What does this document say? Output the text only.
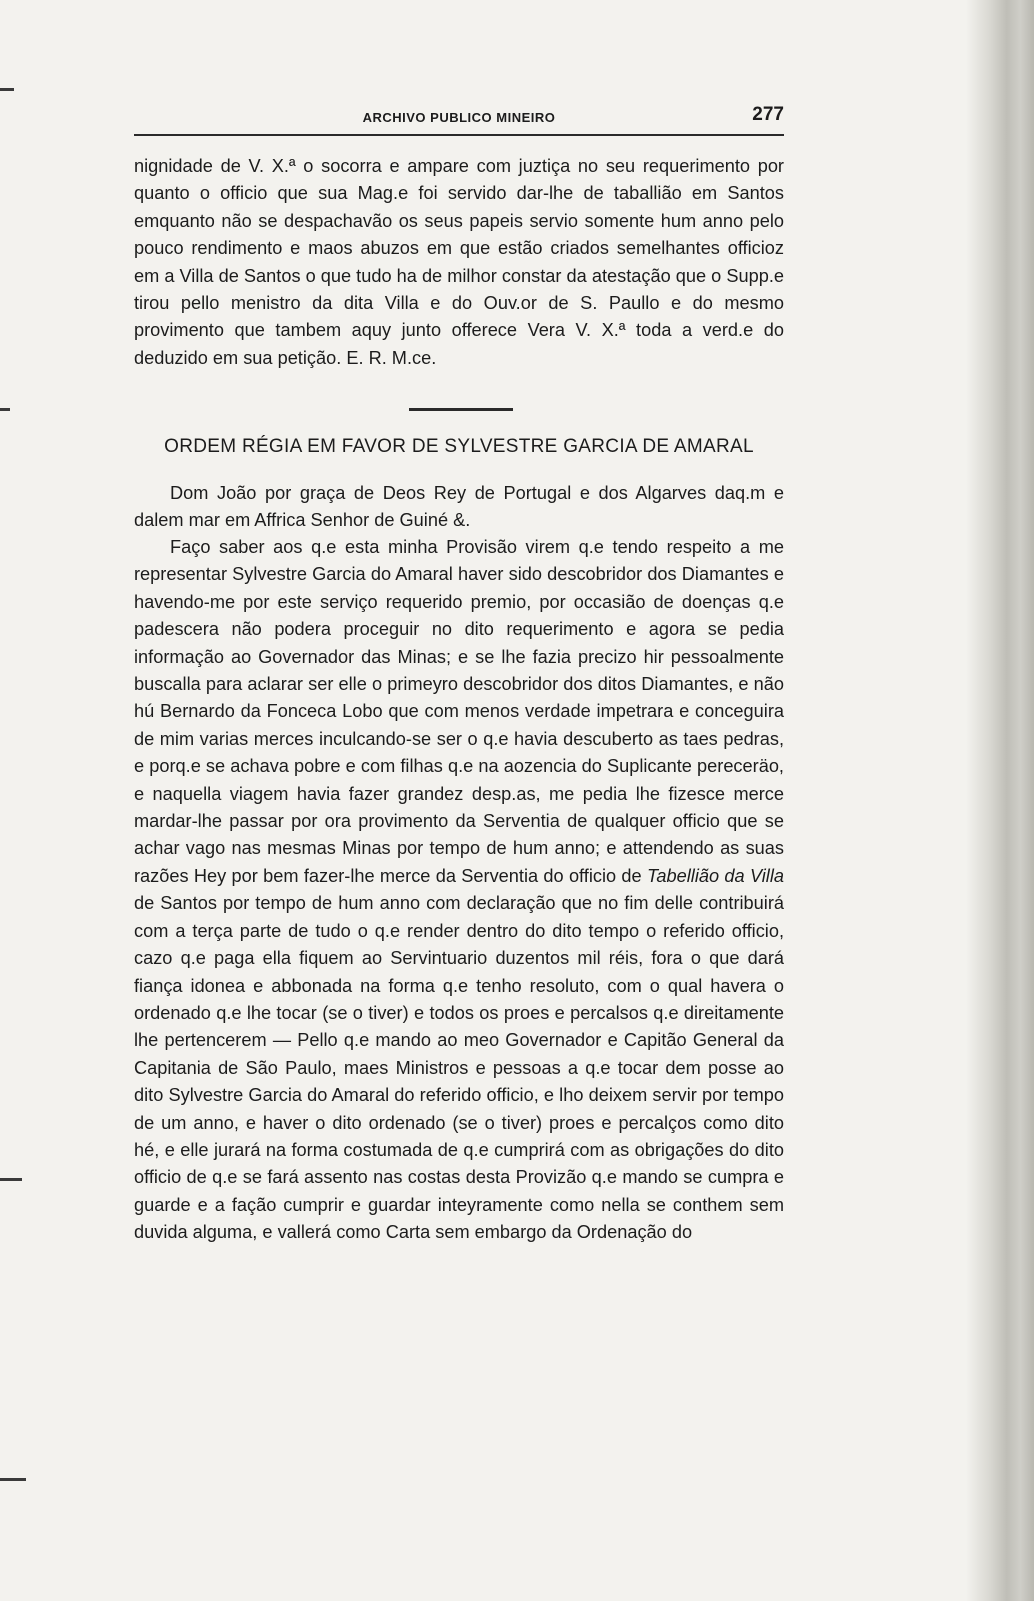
ARCHIVO PUBLICO MINEIRO	277

nignidade de V. X.ª o socorra e ampare com juztiça no seu requerimento por quanto o officio que sua Mag.e foi servido dar-lhe de taballião em Santos emquanto não se despachavão os seus papeis servio somente hum anno pelo pouco rendimento e maos abuzos em que estão criados semelhantes officioz em a Villa de Santos o que tudo ha de milhor constar da atestação que o Supp.e tirou pello menistro da dita Villa e do Ouv.or de S. Paullo e do mesmo provimento que tambem aquy junto offerece Vera V. X.ª toda a verd.e do deduzido em sua petição. E. R. M.ce.

ORDEM RÉGIA EM FAVOR DE SYLVESTRE GARCIA DE AMARAL

Dom João por graça de Deos Rey de Portugal e dos Algarves daq.m e dalem mar em Affrica Senhor de Guiné &.

Faço saber aos q.e esta minha Provisão virem q.e tendo respeito a me representar Sylvestre Garcia do Amaral haver sido descobridor dos Diamantes e havendo-me por este serviço requerido premio, por occasião de doenças q.e padescera não podera proceguir no dito requerimento e agora se pedia informação ao Governador das Minas; e se lhe fazia precizo hir pessoalmente buscalla para aclarar ser elle o primeyro descobridor dos ditos Diamantes, e não hú Bernardo da Fonceca Lobo que com menos verdade impetrara e conceguira de mim varias merces inculcando-se ser o q.e havia descuberto as taes pedras, e porq.e se achava pobre e com filhas q.e na aozencia do Suplicante pereceräo, e naquella viagem havia fazer grandez desp.as, me pedia lhe fizesce merce mardar-lhe passar por ora provimento da Serventia de qualquer officio que se achar vago nas mesmas Minas por tempo de hum anno; e attendendo as suas razões Hey por bem fazer-lhe merce da Serventia do officio de Tabellião da Villa de Santos por tempo de hum anno com declaração que no fim delle contribuirá com a terça parte de tudo o q.e render dentro do dito tempo o referido officio, cazo q.e paga ella fiquem ao Servintuario duzentos mil réis, fora o que dará fiança idonea e abbonada na forma q.e tenho resoluto, com o qual havera o ordenado q.e lhe tocar (se o tiver) e todos os proes e percalsos q.e direitamente lhe pertencerem — Pello q.e mando ao meo Governador e Capitão General da Capitania de São Paulo, maes Ministros e pessoas a q.e tocar dem posse ao dito Sylvestre Garcia do Amaral do referido officio, e lho deixem servir por tempo de um anno, e haver o dito ordenado (se o tiver) proes e percalços como dito hé, e elle jurará na forma costumada de q.e cumprirá com as obrigações do dito officio de q.e se fará assento nas costas desta Provizão q.e mando se cumpra e guarde e a fação cumprir e guardar inteyramente como nella se conthem sem duvida alguma, e vallerá como Carta sem embargo da Ordenação do
